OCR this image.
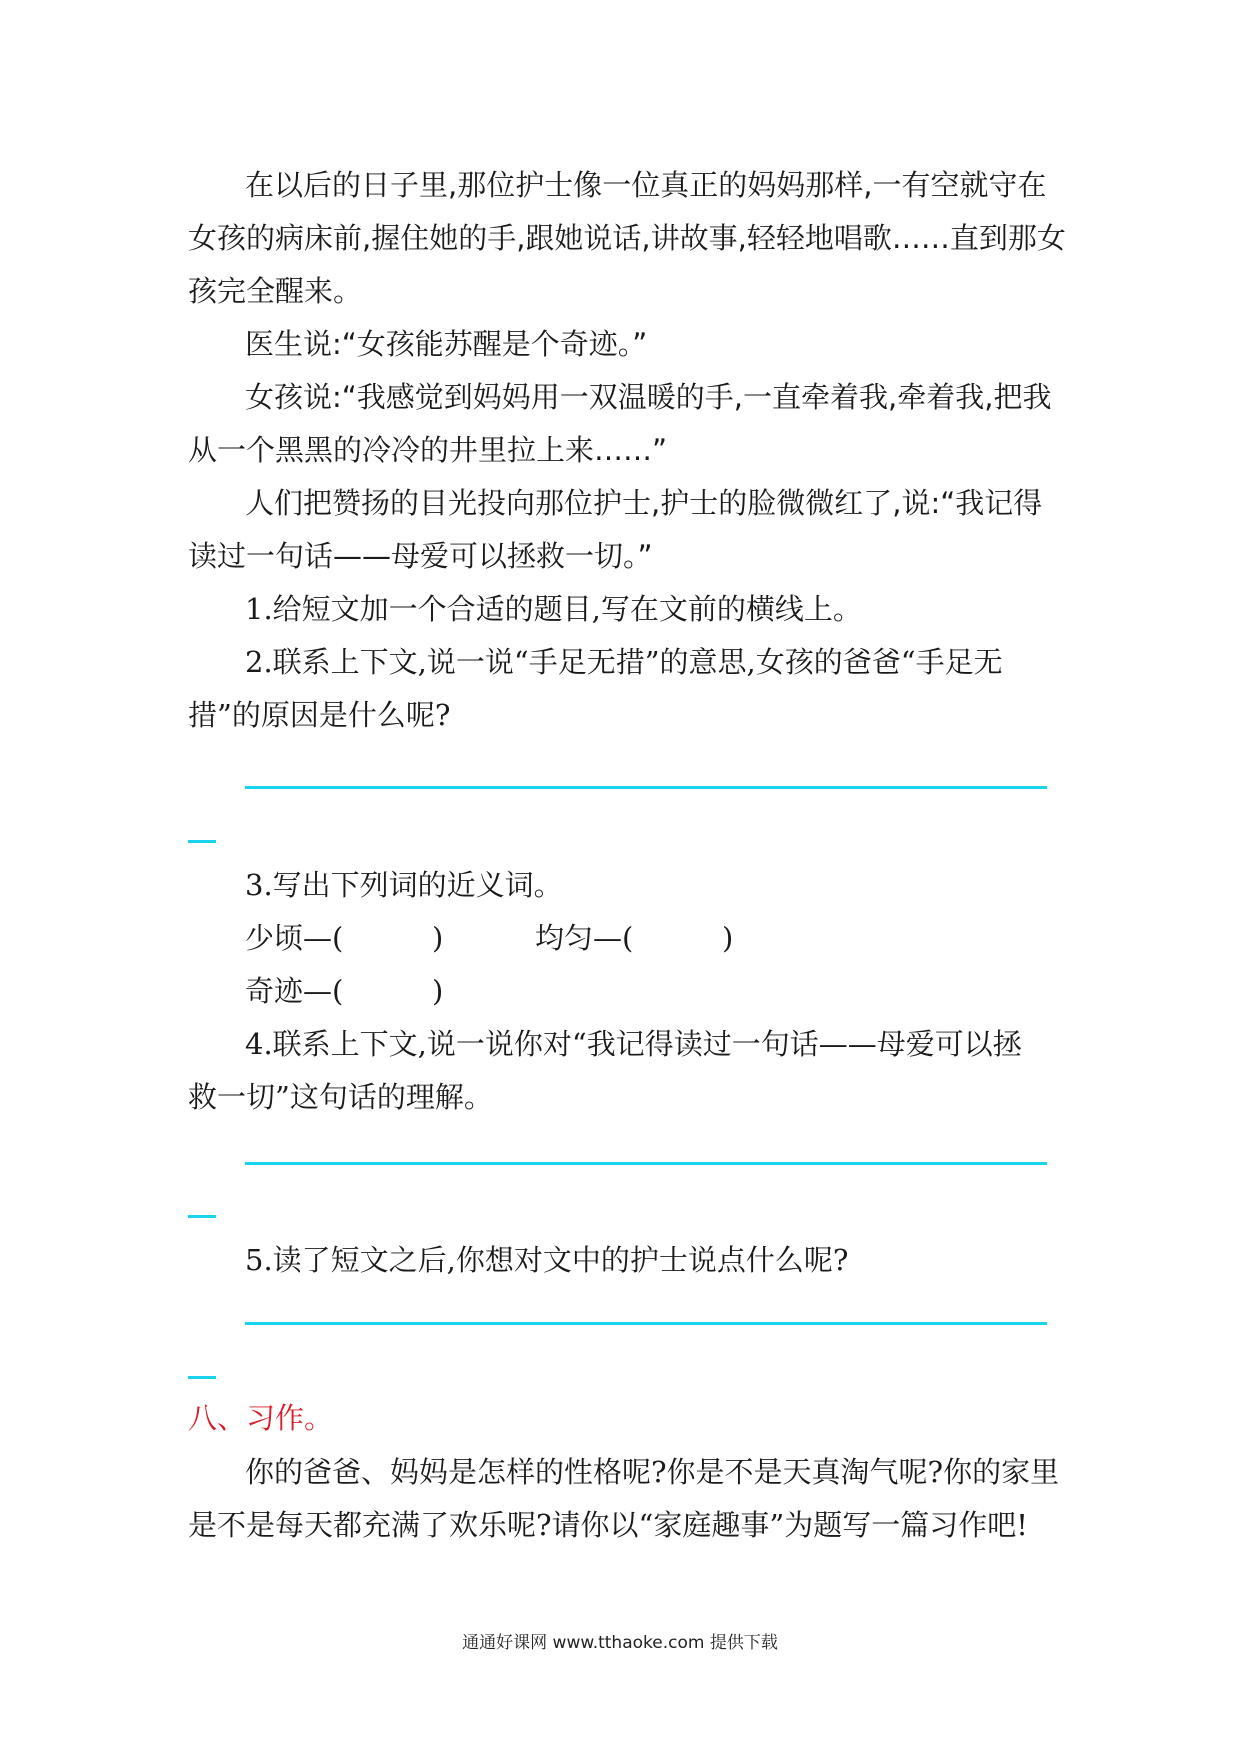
在以后的日子里,那位护士像一位真正的妈妈那样,一有空就守在
女孩的病床前,握住她的手,跟她说话,讲故事,轻轻地唱歌……直到那女
孩完全醒来。
医生说:“女孩能苏醒是个奇迹。”
女孩说:“我感觉到妈妈用一双温暖的手,一直牵着我,牵着我,把我
从一个黑黑的冷冷的井里拉上来……”
人们把赞扬的目光投向那位护士,护士的脸微微红了,说:“我记得
读过一句话——母爱可以拯救一切。”
1.给短文加一个合适的题目,写在文前的横线上。
2.联系上下文,说一说“手足无措”的意思,女孩的爸爸“手足无
措”的原因是什么呢?
3.写出下列词的近义词。
少顷—(	)	均匀—(	)
奇迹—(	)
4.联系上下文,说一说你对“我记得读过一句话——母爱可以拯
救一切”这句话的理解。
5.读了短文之后,你想对文中的护士说点什么呢?
八、习作。
你的爸爸、妈妈是怎样的性格呢?你是不是天真淘气呢?你的家里
是不是每天都充满了欢乐呢?请你以“家庭趣事”为题写一篇习作吧!
通通好课网 www.tthaoke.com 提供下载
